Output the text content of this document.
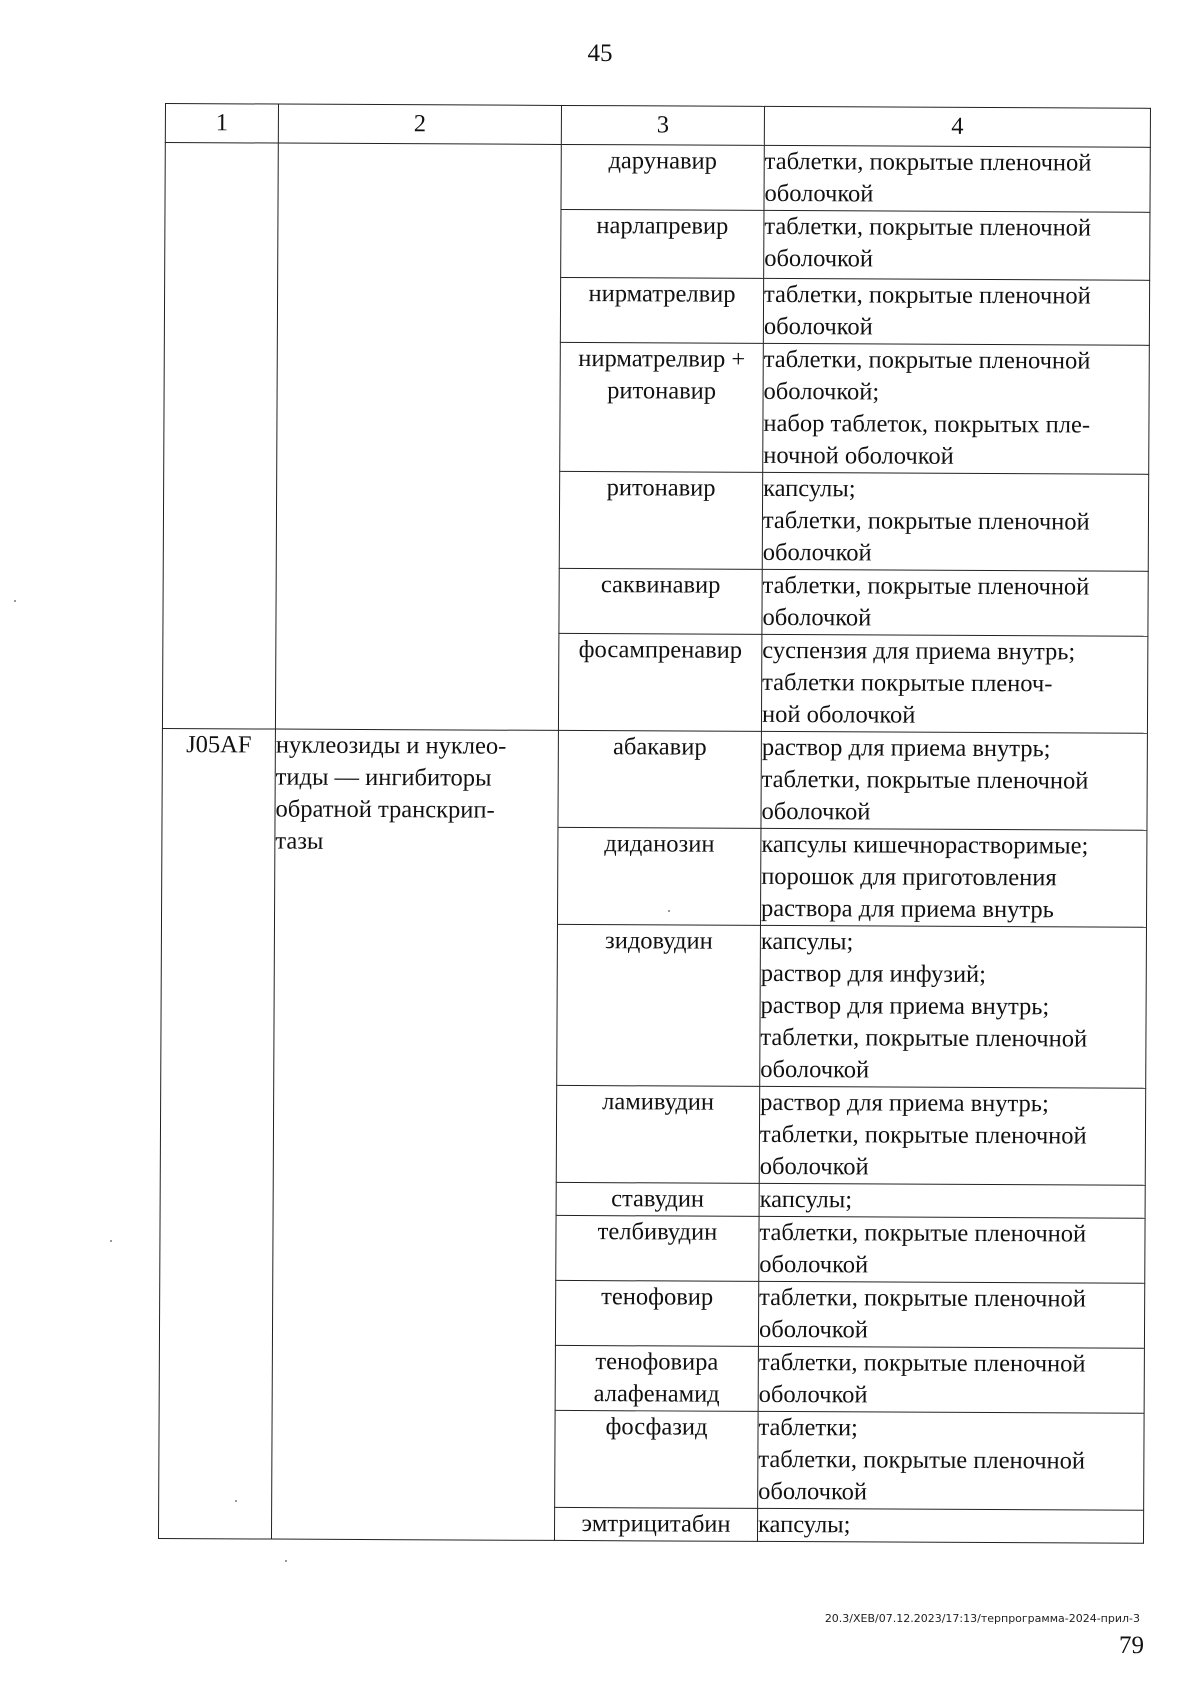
45
1	2	3	4

		дарунавир	таблетки, покрытые пленочной
оболочкой

		нарлапревир	таблетки, покрытые пленочной
оболочкой

		нирматрелвир	таблетки, покрытые пленочной
оболочкой

		нирматрелвир +
ритонавир	таблетки, покрытые пленочной
оболочкой;
набор таблеток, покрытых пле-
ночной оболочкой

		ритонавир	капсулы;
таблетки, покрытые пленочной
оболочкой

		саквинавир	таблетки, покрытые пленочной
оболочкой

		фосампренавир	суспензия для приема внутрь;
таблетки покрытые пленоч-
ной оболочкой

J05AF	нуклеозиды и нуклео-
тиды — ингибиторы
обратной транскрип-
тазы	абакавир	раствор для приема внутрь;
таблетки, покрытые пленочной
оболочкой

		диданозин	капсулы кишечнорастворимые;
порошок для приготовления
раствора для приема внутрь

		зидовудин	капсулы;
раствор для инфузий;
раствор для приема внутрь;
таблетки, покрытые пленочной
оболочкой

		ламивудин	раствор для приема внутрь;
таблетки, покрытые пленочной
оболочкой

		ставудин	капсулы;

		телбивудин	таблетки, покрытые пленочной
оболочкой

		тенофовир	таблетки, покрытые пленочной
оболочкой

		тенофовира
алафенамид	таблетки, покрытые пленочной
оболочкой

		фосфазид	таблетки;
таблетки, покрытые пленочной
оболочкой

		эмтрицитабин	капсулы;
20.3/ХЕВ/07.12.2023/17:13/терпрограмма-2024-прил-3
79
